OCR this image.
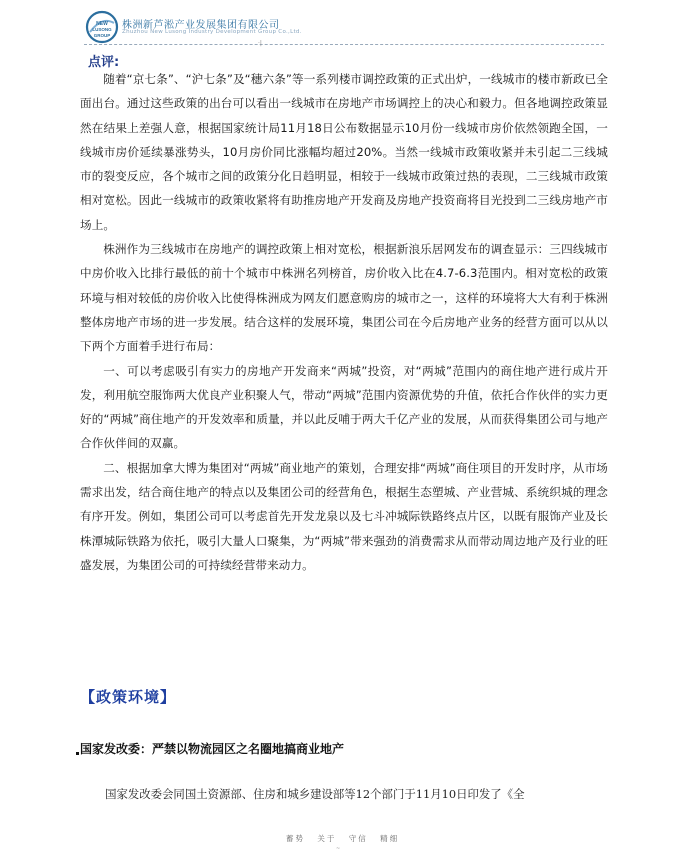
NEW
LUSONG
GROUP
株洲新芦淞产业发展集团有限公司
Zhuzhou New Lusong Industry Development Group Co.,Ltd.
·|
点评:

随着“京七条”、“沪七条”及“穗六条”等一系列楼市调控政策的正式出炉，一线城市的楼市新政已全面出台。通过这些政策的出台可以看出一线城市在房地产市场调控上的决心和毅力。但各地调控政策显然在结果上差强人意，根据国家统计局11月18日公布数据显示10月份一线城市房价依然领跑全国，一线城市房价延续暴涨势头，10月房价同比涨幅均超过20%。当然一线城市政策收紧并未引起二三线城市的裂变反应，各个城市之间的政策分化日趋明显，相较于一线城市政策过热的表现，二三线城市政策相对宽松。因此一线城市的政策收紧将有助推房地产开发商及房地产投资商将目光投到二三线房地产市场上。

株洲作为三线城市在房地产的调控政策上相对宽松，根据新浪乐居网发布的调查显示：三四线城市中房价收入比排行最低的前十个城市中株洲名列榜首，房价收入比在4.7-6.3范围内。相对宽松的政策环境与相对较低的房价收入比使得株洲成为网友们愿意购房的城市之一，这样的环境将大大有利于株洲整体房地产市场的进一步发展。结合这样的发展环境，集团公司在今后房地产业务的经营方面可以从以下两个方面着手进行布局：

一、可以考虑吸引有实力的房地产开发商来“两城”投资，对“两城”范围内的商住地产进行成片开发，利用航空服饰两大优良产业积聚人气，带动“两城”范围内资源优势的升值，依托合作伙伴的实力更好的“两城”商住地产的开发效率和质量，并以此反哺于两大千亿产业的发展，从而获得集团公司与地产合作伙伴间的双赢。

二、根据加拿大博为集团对“两城”商业地产的策划，合理安排“两城”商住项目的开发时序，从市场需求出发，结合商住地产的特点以及集团公司的经营角色，根据生态塑城、产业营城、系统织城的理念有序开发。例如，集团公司可以考虑首先开发龙泉以及七斗冲城际铁路终点片区，以既有服饰产业及长株潭城际铁路为依托，吸引大量人口聚集，为“两城”带来强劲的消费需求从而带动周边地产及行业的旺盛发展，为集团公司的可持续经营带来动力。

【政策环境】
国家发改委：严禁以物流园区之名圈地搞商业地产
国家发改委会同国土资源部、住房和城乡建设部等12个部门于11月10日印发了《全
蓄势 关于 守信 精细
~
